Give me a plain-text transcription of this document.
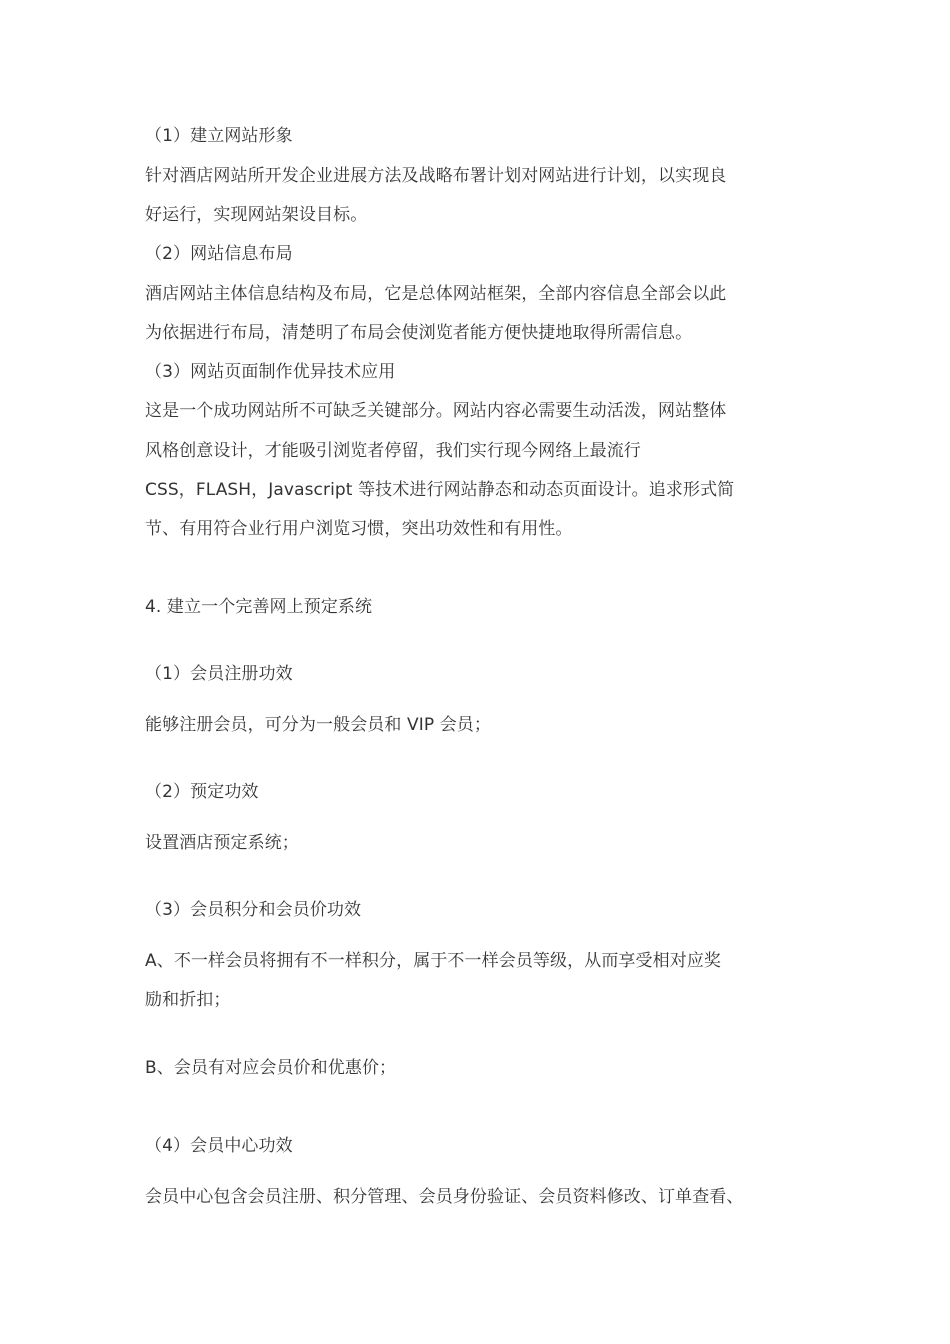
（1）建立网站形象
针对酒店网站所开发企业进展方法及战略布署计划对网站进行计划，以实现良
好运行，实现网站架设目标。
（2）网站信息布局
酒店网站主体信息结构及布局，它是总体网站框架，全部内容信息全部会以此
为依据进行布局，清楚明了布局会使浏览者能方便快捷地取得所需信息。
（3）网站页面制作优异技术应用
这是一个成功网站所不可缺乏关键部分。网站内容必需要生动活泼，网站整体
风格创意设计，才能吸引浏览者停留，我们实行现今网络上最流行
CSS，FLASH，Javascript 等技术进行网站静态和动态页面设计。追求形式简
节、有用符合业行用户浏览习惯，突出功效性和有用性。
4. 建立一个完善网上预定系统
（1）会员注册功效
能够注册会员，可分为一般会员和 VIP 会员；
（2）预定功效
设置酒店预定系统；
（3）会员积分和会员价功效
A、不一样会员将拥有不一样积分，属于不一样会员等级，从而享受相对应奖
励和折扣；
B、会员有对应会员价和优惠价；
（4）会员中心功效
会员中心包含会员注册、积分管理、会员身份验证、会员资料修改、订单查看、
